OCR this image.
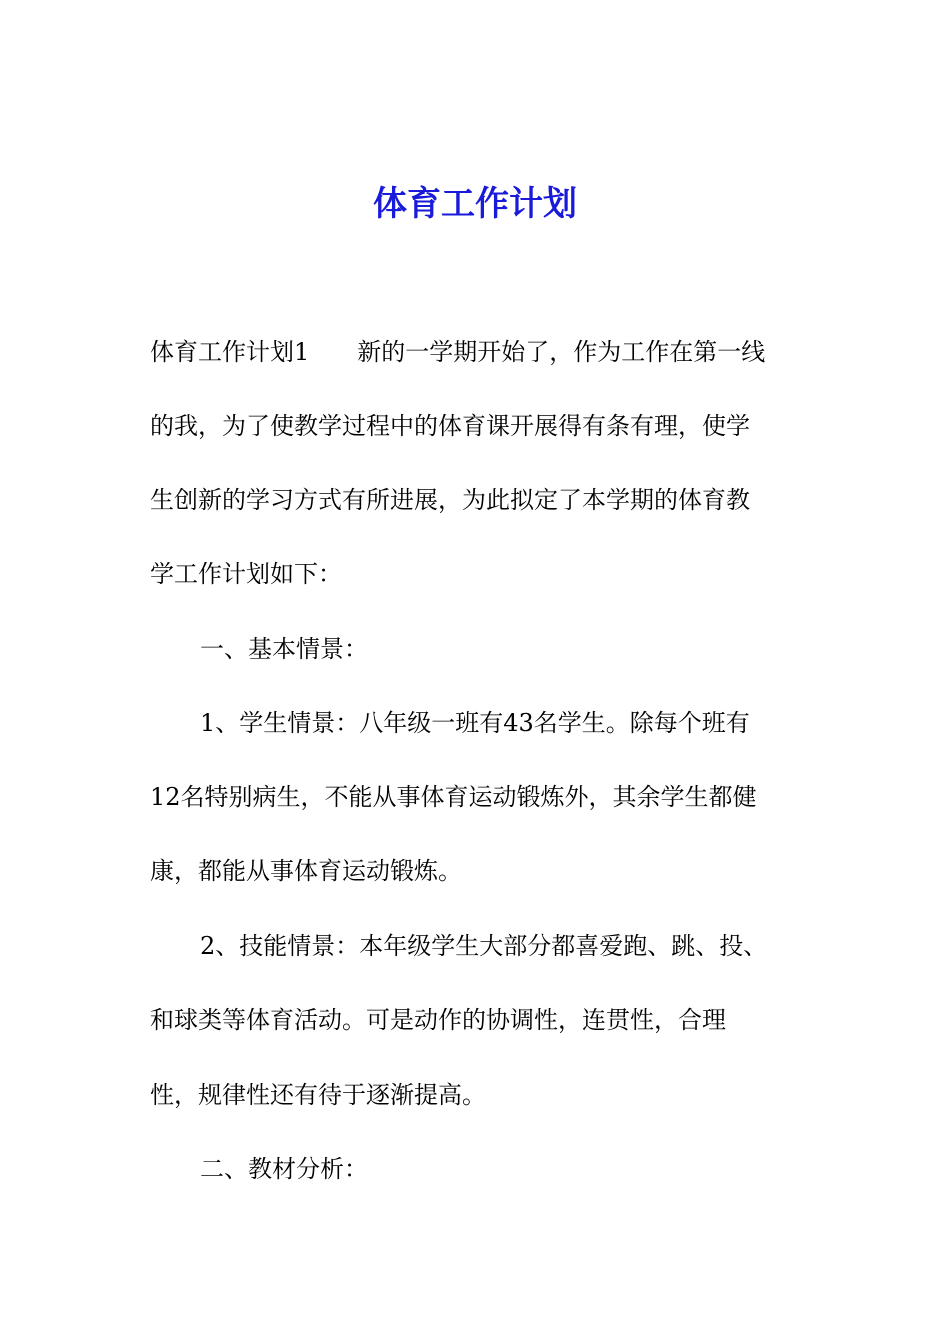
体育工作计划

体育工作计划1　　新的一学期开始了，作为工作在第一线

的我，为了使教学过程中的体育课开展得有条有理，使学

生创新的学习方式有所进展，为此拟定了本学期的体育教

学工作计划如下：

一、基本情景：

1、学生情景：八年级一班有43名学生。除每个班有

12名特别病生，不能从事体育运动锻炼外，其余学生都健

康，都能从事体育运动锻炼。

2、技能情景：本年级学生大部分都喜爱跑、跳、投、

和球类等体育活动。可是动作的协调性，连贯性，合理

性，规律性还有待于逐渐提高。

二、教材分析：
